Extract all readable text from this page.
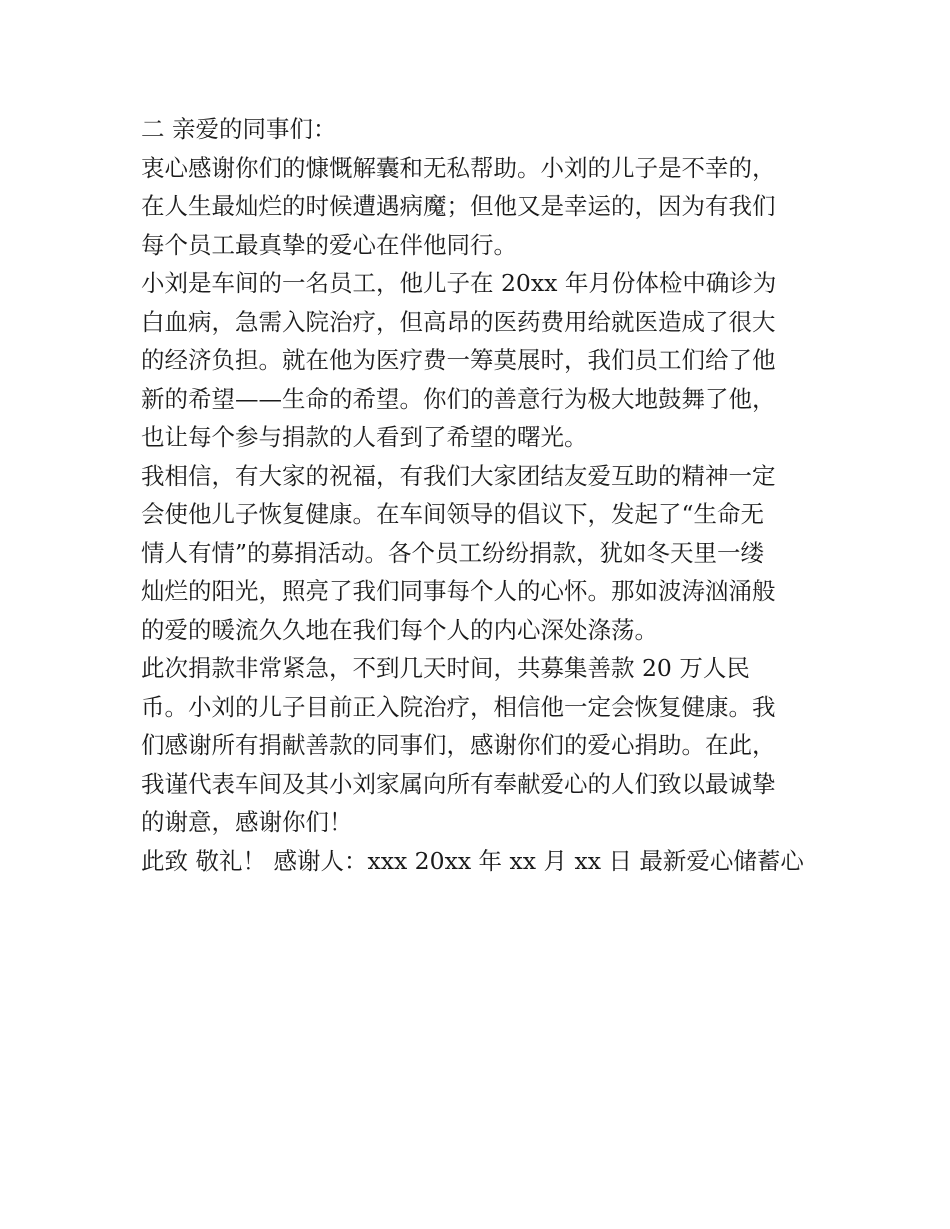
二 亲爱的同事们：
衷心感谢你们的慷慨解囊和无私帮助。小刘的儿子是不幸的，
在人生最灿烂的时候遭遇病魔；但他又是幸运的，因为有我们
每个员工最真挚的爱心在伴他同行。
小刘是车间的一名员工，他儿子在 20xx 年月份体检中确诊为
白血病，急需入院治疗，但高昂的医药费用给就医造成了很大
的经济负担。就在他为医疗费一筹莫展时，我们员工们给了他
新的希望——生命的希望。你们的善意行为极大地鼓舞了他，
也让每个参与捐款的人看到了希望的曙光。
我相信，有大家的祝福，有我们大家团结友爱互助的精神一定
会使他儿子恢复健康。在车间领导的倡议下，发起了“生命无
情人有情”的募捐活动。各个员工纷纷捐款，犹如冬天里一缕
灿烂的阳光，照亮了我们同事每个人的心怀。那如波涛汹涌般
的爱的暖流久久地在我们每个人的内心深处涤荡。
此次捐款非常紧急，不到几天时间，共募集善款 20 万人民
币。小刘的儿子目前正入院治疗，相信他一定会恢复健康。我
们感谢所有捐献善款的同事们，感谢你们的爱心捐助。在此，
我谨代表车间及其小刘家属向所有奉献爱心的人们致以最诚挚
的谢意，感谢你们！
此致 敬礼！ 感谢人：xxx 20xx 年 xx 月 xx 日 最新爱心储蓄心
